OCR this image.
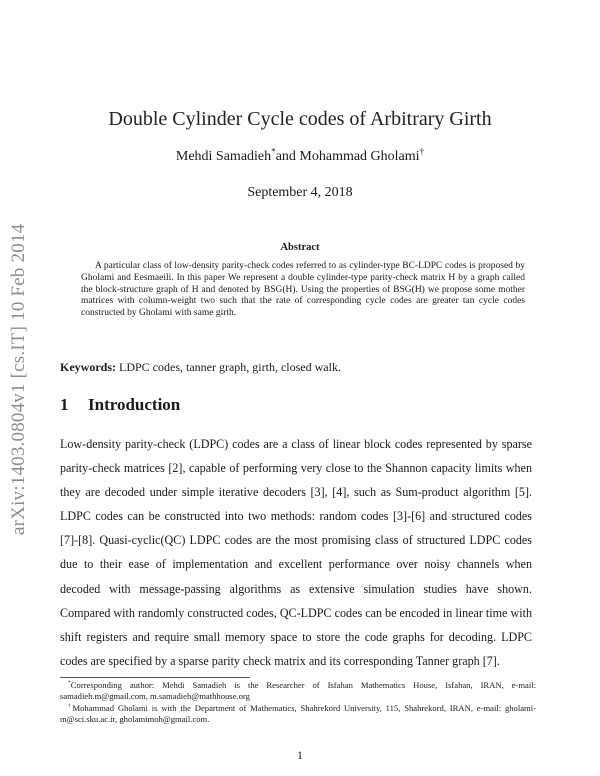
arXiv:1403.0804v1 [cs.IT] 10 Feb 2014
Double Cylinder Cycle codes of Arbitrary Girth
Mehdi Samadieh*and Mohammad Gholami†
September 4, 2018
Abstract
A particular class of low-density parity-check codes referred to as cylinder-type BC-LDPC codes is proposed by Gholami and Eesmaeili. In this paper We represent a double cylinder-type parity-check matrix H by a graph called the block-structure graph of H and denoted by BSG(H). Using the properties of BSG(H) we propose some mother matrices with column-weight two such that the rate of corresponding cycle codes are greater tan cycle codes constructed by Gholami with same girth.
Keywords: LDPC codes, tanner graph, girth, closed walk.
1 Introduction
Low-density parity-check (LDPC) codes are a class of linear block codes represented by sparse parity-check matrices [2], capable of performing very close to the Shannon capacity limits when they are decoded under simple iterative decoders [3], [4], such as Sum-product algorithm [5]. LDPC codes can be constructed into two methods: random codes [3]-[6] and structured codes [7]-[8]. Quasi-cyclic(QC) LDPC codes are the most promising class of structured LDPC codes due to their ease of implementation and excellent performance over noisy channels when decoded with message-passing algorithms as extensive simulation studies have shown. Compared with randomly constructed codes, QC-LDPC codes can be encoded in linear time with shift registers and require small memory space to store the code graphs for decoding. LDPC codes are specified by a sparse parity check matrix and its corresponding Tanner graph [7].

*Corresponding author: Mehdi Samadieh is the Researcher of Isfahan Mathematics House, Isfahan, IRAN, e-mail: samadieh.m@gmail.com, m.samadieh@mathhouse.org

†Mohammad Gholami is with the Department of Mathematics, Shahrekord University, 115, Shahrekord, IRAN, e-mail: gholami-m@sci.sku.ac.ir, gholamimoh@gmail.com.

1
